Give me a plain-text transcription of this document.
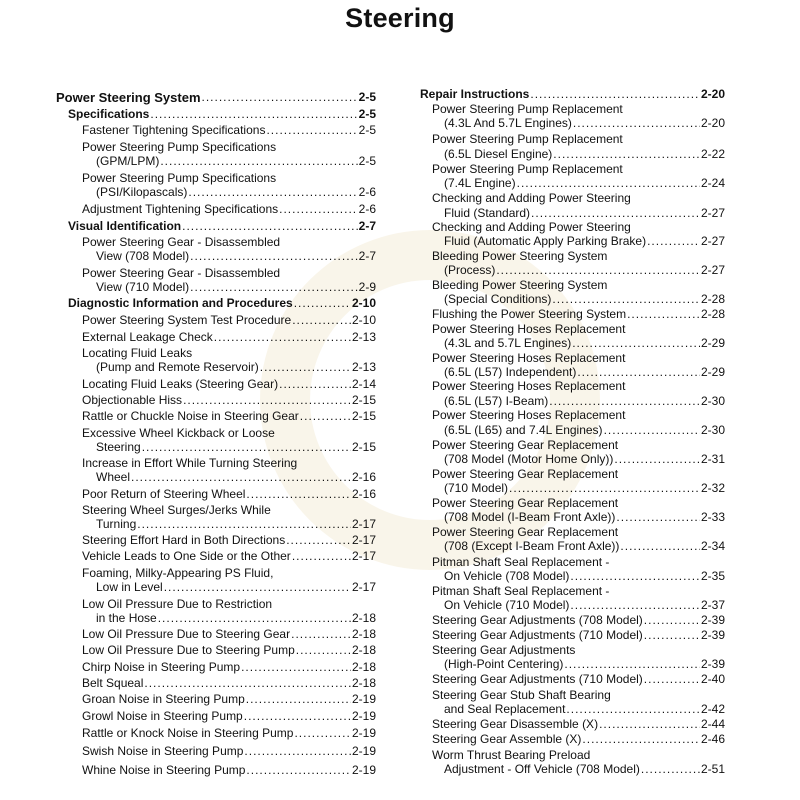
Steering
Power Steering System .....	2-5
Specifications .....	2-5
Fastener Tightening Specifications .....	2-5
Power Steering Pump Specifications
(GPM/LPM) .....	2-5
Power Steering Pump Specifications
(PSI/Kilopascals) .....	2-6
Adjustment Tightening Specifications .....	2-6
Visual Identification .....	2-7
Power Steering Gear - Disassembled
View (708 Model) .....	2-7
Power Steering Gear - Disassembled
View (710 Model) .....	2-9
Diagnostic Information and Procedures .....	2-10
Power Steering System Test Procedure .....	2-10
External Leakage Check .....	2-13
Locating Fluid Leaks
(Pump and Remote Reservoir) .....	2-13
Locating Fluid Leaks (Steering Gear) .....	2-14
Objectionable Hiss .....	2-15
Rattle or Chuckle Noise in Steering Gear .....	2-15
Excessive Wheel Kickback or Loose
Steering .....	2-15
Increase in Effort While Turning Steering
Wheel .....	2-16
Poor Return of Steering Wheel .....	2-16
Steering Wheel Surges/Jerks While
Turning .....	2-17
Steering Effort Hard in Both Directions .....	2-17
Vehicle Leads to One Side or the Other .....	2-17
Foaming, Milky-Appearing PS Fluid,
Low in Level .....	2-17
Low Oil Pressure Due to Restriction
in the Hose .....	2-18
Low Oil Pressure Due to Steering Gear .....	2-18
Low Oil Pressure Due to Steering Pump .....	2-18
Chirp Noise in Steering Pump .....	2-18
Belt Squeal .....	2-18
Groan Noise in Steering Pump .....	2-19
Growl Noise in Steering Pump .....	2-19
Rattle or Knock Noise in Steering Pump .....	2-19
Swish Noise in Steering Pump .....	2-19
Whine Noise in Steering Pump .....	2-19
Repair Instructions .....	2-20
Power Steering Pump Replacement
(4.3L And 5.7L Engines) .....	2-20
Power Steering Pump Replacement
(6.5L Diesel Engine) .....	2-22
Power Steering Pump Replacement
(7.4L Engine) .....	2-24
Checking and Adding Power Steering
Fluid (Standard) .....	2-27
Checking and Adding Power Steering
Fluid (Automatic Apply Parking Brake) .....	2-27
Bleeding Power Steering System
(Process) .....	2-27
Bleeding Power Steering System
(Special Conditions) .....	2-28
Flushing the Power Steering System .....	2-28
Power Steering Hoses Replacement
(4.3L and 5.7L Engines) .....	2-29
Power Steering Hoses Replacement
(6.5L (L57) Independent) .....	2-29
Power Steering Hoses Replacement
(6.5L (L57) I-Beam) .....	2-30
Power Steering Hoses Replacement
(6.5L (L65) and 7.4L Engines) .....	2-30
Power Steering Gear Replacement
(708 Model (Motor Home Only)) .....	2-31
Power Steering Gear Replacement
(710 Model) .....	2-32
Power Steering Gear Replacement
(708 Model (I-Beam Front Axle)) .....	2-33
Power Steering Gear Replacement
(708 (Except I-Beam Front Axle)) .....	2-34
Pitman Shaft Seal Replacement -
On Vehicle (708 Model) .....	2-35
Pitman Shaft Seal Replacement -
On Vehicle (710 Model) .....	2-37
Steering Gear Adjustments (708 Model) .....	2-39
Steering Gear Adjustments (710 Model) .....	2-39
Steering Gear Adjustments
(High-Point Centering) .....	2-39
Steering Gear Adjustments (710 Model) .....	2-40
Steering Gear Stub Shaft Bearing
and Seal Replacement .....	2-42
Steering Gear Disassemble (X) .....	2-44
Steering Gear Assemble (X) .....	2-46
Worm Thrust Bearing Preload
Adjustment - Off Vehicle (708 Model) .....	2-51
